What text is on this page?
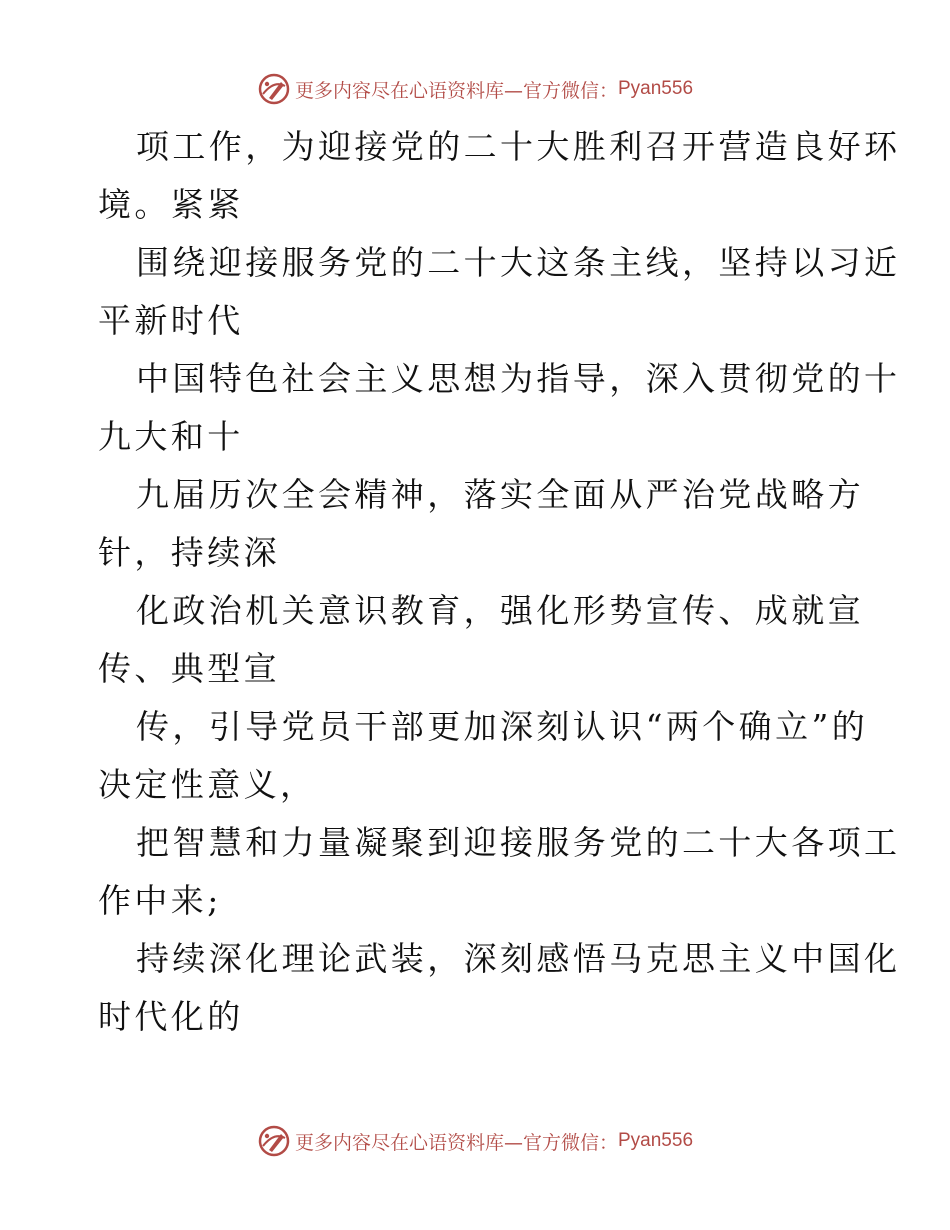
更多内容尽在心语资料库—官方微信： Pyan556
项工作，为迎接党的二十大胜利召开营造良好环
境。紧紧
围绕迎接服务党的二十大这条主线，坚持以习近
平新时代
中国特色社会主义思想为指导，深入贯彻党的十
九大和十
九届历次全会精神，落实全面从严治党战略方
针，持续深
化政治机关意识教育，强化形势宣传、成就宣
传、典型宣
传，引导党员干部更加深刻认识“两个确立”的
决定性意义，
把智慧和力量凝聚到迎接服务党的二十大各项工
作中来;
持续深化理论武装，深刻感悟马克思主义中国化
时代化的
更多内容尽在心语资料库—官方微信： Pyan556
